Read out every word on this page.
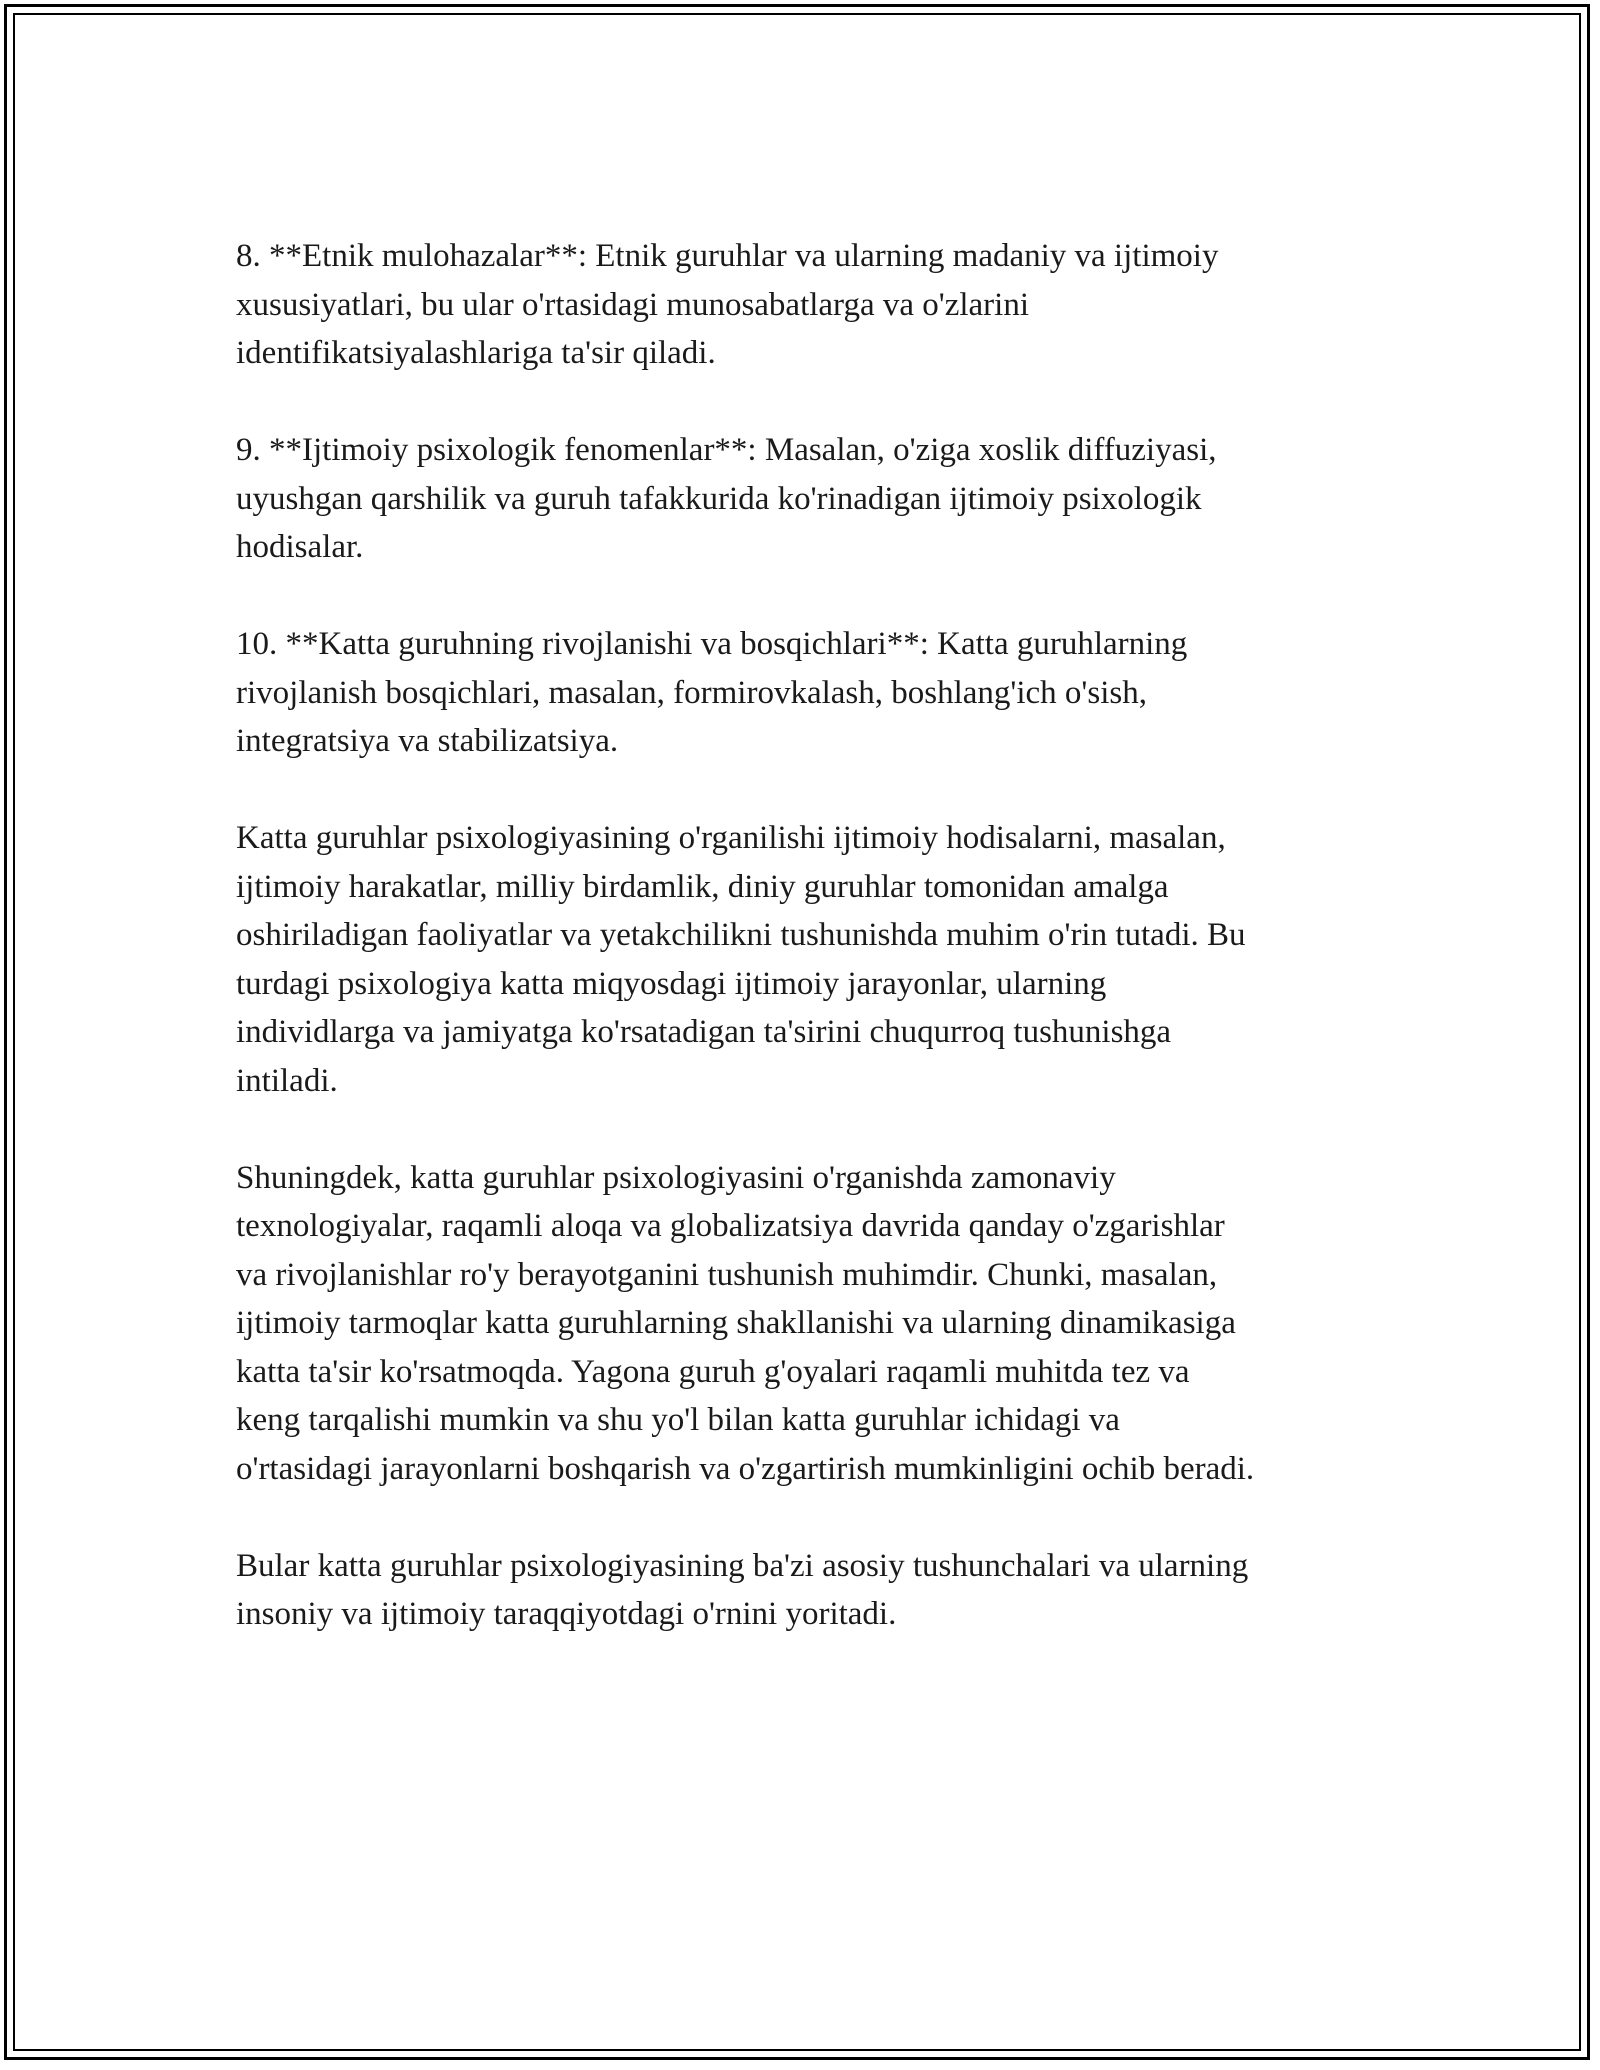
8. **Etnik mulohazalar**: Etnik guruhlar va ularning madaniy va ijtimoiy
xususiyatlari, bu ular o'rtasidagi munosabatlarga va o'zlarini
identifikatsiyalashlariga ta'sir qiladi.

9. **Ijtimoiy psixologik fenomenlar**: Masalan, o'ziga xoslik diffuziyasi,
uyushgan qarshilik va guruh tafakkurida ko'rinadigan ijtimoiy psixologik
hodisalar.

10. **Katta guruhning rivojlanishi va bosqichlari**: Katta guruhlarning
rivojlanish bosqichlari, masalan, formirovkalash, boshlang'ich o'sish,
integratsiya va stabilizatsiya.

Katta guruhlar psixologiyasining o'rganilishi ijtimoiy hodisalarni, masalan,
ijtimoiy harakatlar, milliy birdamlik, diniy guruhlar tomonidan amalga
oshiriladigan faoliyatlar va yetakchilikni tushunishda muhim o'rin tutadi. Bu
turdagi psixologiya katta miqyosdagi ijtimoiy jarayonlar, ularning
individlarga va jamiyatga ko'rsatadigan ta'sirini chuqurroq tushunishga
intiladi.

Shuningdek, katta guruhlar psixologiyasini o'rganishda zamonaviy
texnologiyalar, raqamli aloqa va globalizatsiya davrida qanday o'zgarishlar
va rivojlanishlar ro'y berayotganini tushunish muhimdir. Chunki, masalan,
ijtimoiy tarmoqlar katta guruhlarning shakllanishi va ularning dinamikasiga
katta ta'sir ko'rsatmoqda. Yagona guruh g'oyalari raqamli muhitda tez va
keng tarqalishi mumkin va shu yo'l bilan katta guruhlar ichidagi va
o'rtasidagi jarayonlarni boshqarish va o'zgartirish mumkinligini ochib beradi.

Bular katta guruhlar psixologiyasining ba'zi asosiy tushunchalari va ularning
insoniy va ijtimoiy taraqqiyotdagi o'rnini yoritadi.
